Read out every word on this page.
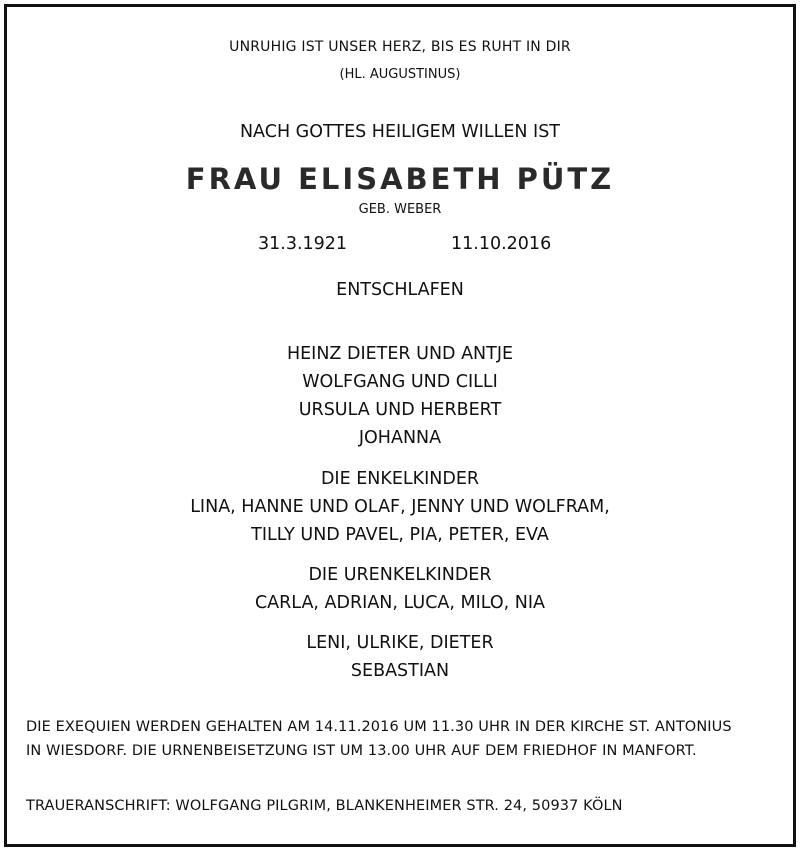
UNRUHIG IST UNSER HERZ, BIS ES RUHT IN DIR
(HL. AUGUSTINUS)
NACH GOTTES HEILIGEM WILLEN IST
FRAU ELISABETH PÜTZ
GEB. WEBER
31.3.1921	11.10.2016
ENTSCHLAFEN
HEINZ DIETER UND ANTJE
WOLFGANG UND CILLI
URSULA UND HERBERT
JOHANNA
DIE ENKELKINDER
LINA, HANNE UND OLAF, JENNY UND WOLFRAM,
TILLY UND PAVEL, PIA, PETER, EVA
DIE URENKELKINDER
CARLA, ADRIAN, LUCA, MILO, NIA
LENI, ULRIKE, DIETER
SEBASTIAN
DIE EXEQUIEN WERDEN GEHALTEN AM 14.11.2016 UM 11.30 UHR IN DER KIRCHE ST. ANTONIUS
IN WIESDORF. DIE URNENBEISETZUNG IST UM 13.00 UHR AUF DEM FRIEDHOF IN MANFORT.
TRAUERANSCHRIFT: WOLFGANG PILGRIM, BLANKENHEIMER STR. 24, 50937 KÖLN
